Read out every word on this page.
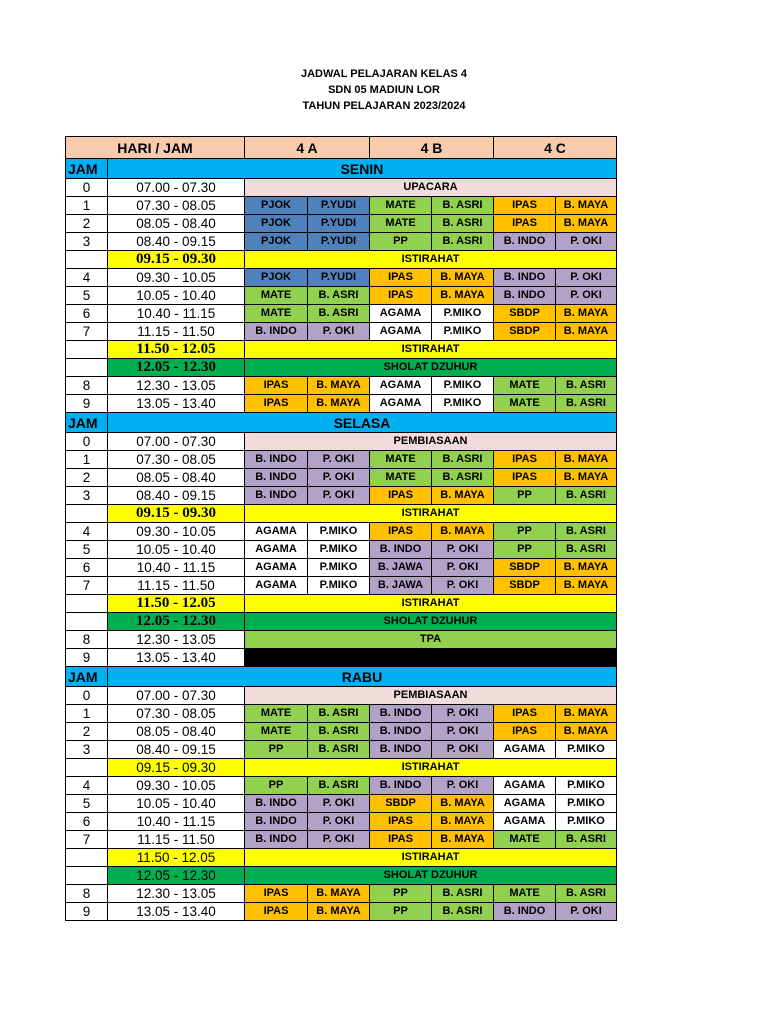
JADWAL PELAJARAN KELAS 4
SDN 05 MADIUN LOR
TAHUN PELAJARAN 2023/2024
HARI / JAM		4 A		4 B		4 C	
JAM	SENIN						
0	07.00 - 07.30	UPACARA					
1	07.30 - 08.05	PJOK	P.YUDI	MATE	B. ASRI	IPAS	B. MAYA
2	08.05 - 08.40	PJOK	P.YUDI	MATE	B. ASRI	IPAS	B. MAYA
3	08.40 - 09.15	PJOK	P.YUDI	PP	B. ASRI	B. INDO	P. OKI
	09.15 - 09.30	ISTIRAHAT					
4	09.30 - 10.05	PJOK	P.YUDI	IPAS	B. MAYA	B. INDO	P. OKI
5	10.05 - 10.40	MATE	B. ASRI	IPAS	B. MAYA	B. INDO	P. OKI
6	10.40 - 11.15	MATE	B. ASRI	AGAMA	P.MIKO	SBDP	B. MAYA
7	11.15 - 11.50	B. INDO	P. OKI	AGAMA	P.MIKO	SBDP	B. MAYA
	11.50 - 12.05	ISTIRAHAT					
	12.05 - 12.30	SHOLAT DZUHUR					
8	12.30 - 13.05	IPAS	B. MAYA	AGAMA	P.MIKO	MATE	B. ASRI
9	13.05 - 13.40	IPAS	B. MAYA	AGAMA	P.MIKO	MATE	B. ASRI
JAM	SELASA						
0	07.00 - 07.30	PEMBIASAAN					
1	07.30 - 08.05	B. INDO	P. OKI	MATE	B. ASRI	IPAS	B. MAYA
2	08.05 - 08.40	B. INDO	P. OKI	MATE	B. ASRI	IPAS	B. MAYA
3	08.40 - 09.15	B. INDO	P. OKI	IPAS	B. MAYA	PP	B. ASRI
	09.15 - 09.30	ISTIRAHAT					
4	09.30 - 10.05	AGAMA	P.MIKO	IPAS	B. MAYA	PP	B. ASRI
5	10.05 - 10.40	AGAMA	P.MIKO	B. INDO	P. OKI	PP	B. ASRI
6	10.40 - 11.15	AGAMA	P.MIKO	B. JAWA	P. OKI	SBDP	B. MAYA
7	11.15 - 11.50	AGAMA	P.MIKO	B. JAWA	P. OKI	SBDP	B. MAYA
	11.50 - 12.05	ISTIRAHAT					
	12.05 - 12.30	SHOLAT DZUHUR					
8	12.30 - 13.05	TPA					
9	13.05 - 13.40						
JAM	RABU						
0	07.00 - 07.30	PEMBIASAAN					
1	07.30 - 08.05	MATE	B. ASRI	B. INDO	P. OKI	IPAS	B. MAYA
2	08.05 - 08.40	MATE	B. ASRI	B. INDO	P. OKI	IPAS	B. MAYA
3	08.40 - 09.15	PP	B. ASRI	B. INDO	P. OKI	AGAMA	P.MIKO
	09.15 - 09.30	ISTIRAHAT					
4	09.30 - 10.05	PP	B. ASRI	B. INDO	P. OKI	AGAMA	P.MIKO
5	10.05 - 10.40	B. INDO	P. OKI	SBDP	B. MAYA	AGAMA	P.MIKO
6	10.40 - 11.15	B. INDO	P. OKI	IPAS	B. MAYA	AGAMA	P.MIKO
7	11.15 - 11.50	B. INDO	P. OKI	IPAS	B. MAYA	MATE	B. ASRI
	11.50 - 12.05	ISTIRAHAT					
	12.05 - 12.30	SHOLAT DZUHUR					
8	12.30 - 13.05	IPAS	B. MAYA	PP	B. ASRI	MATE	B. ASRI
9	13.05 - 13.40	IPAS	B. MAYA	PP	B. ASRI	B. INDO	P. OKI
